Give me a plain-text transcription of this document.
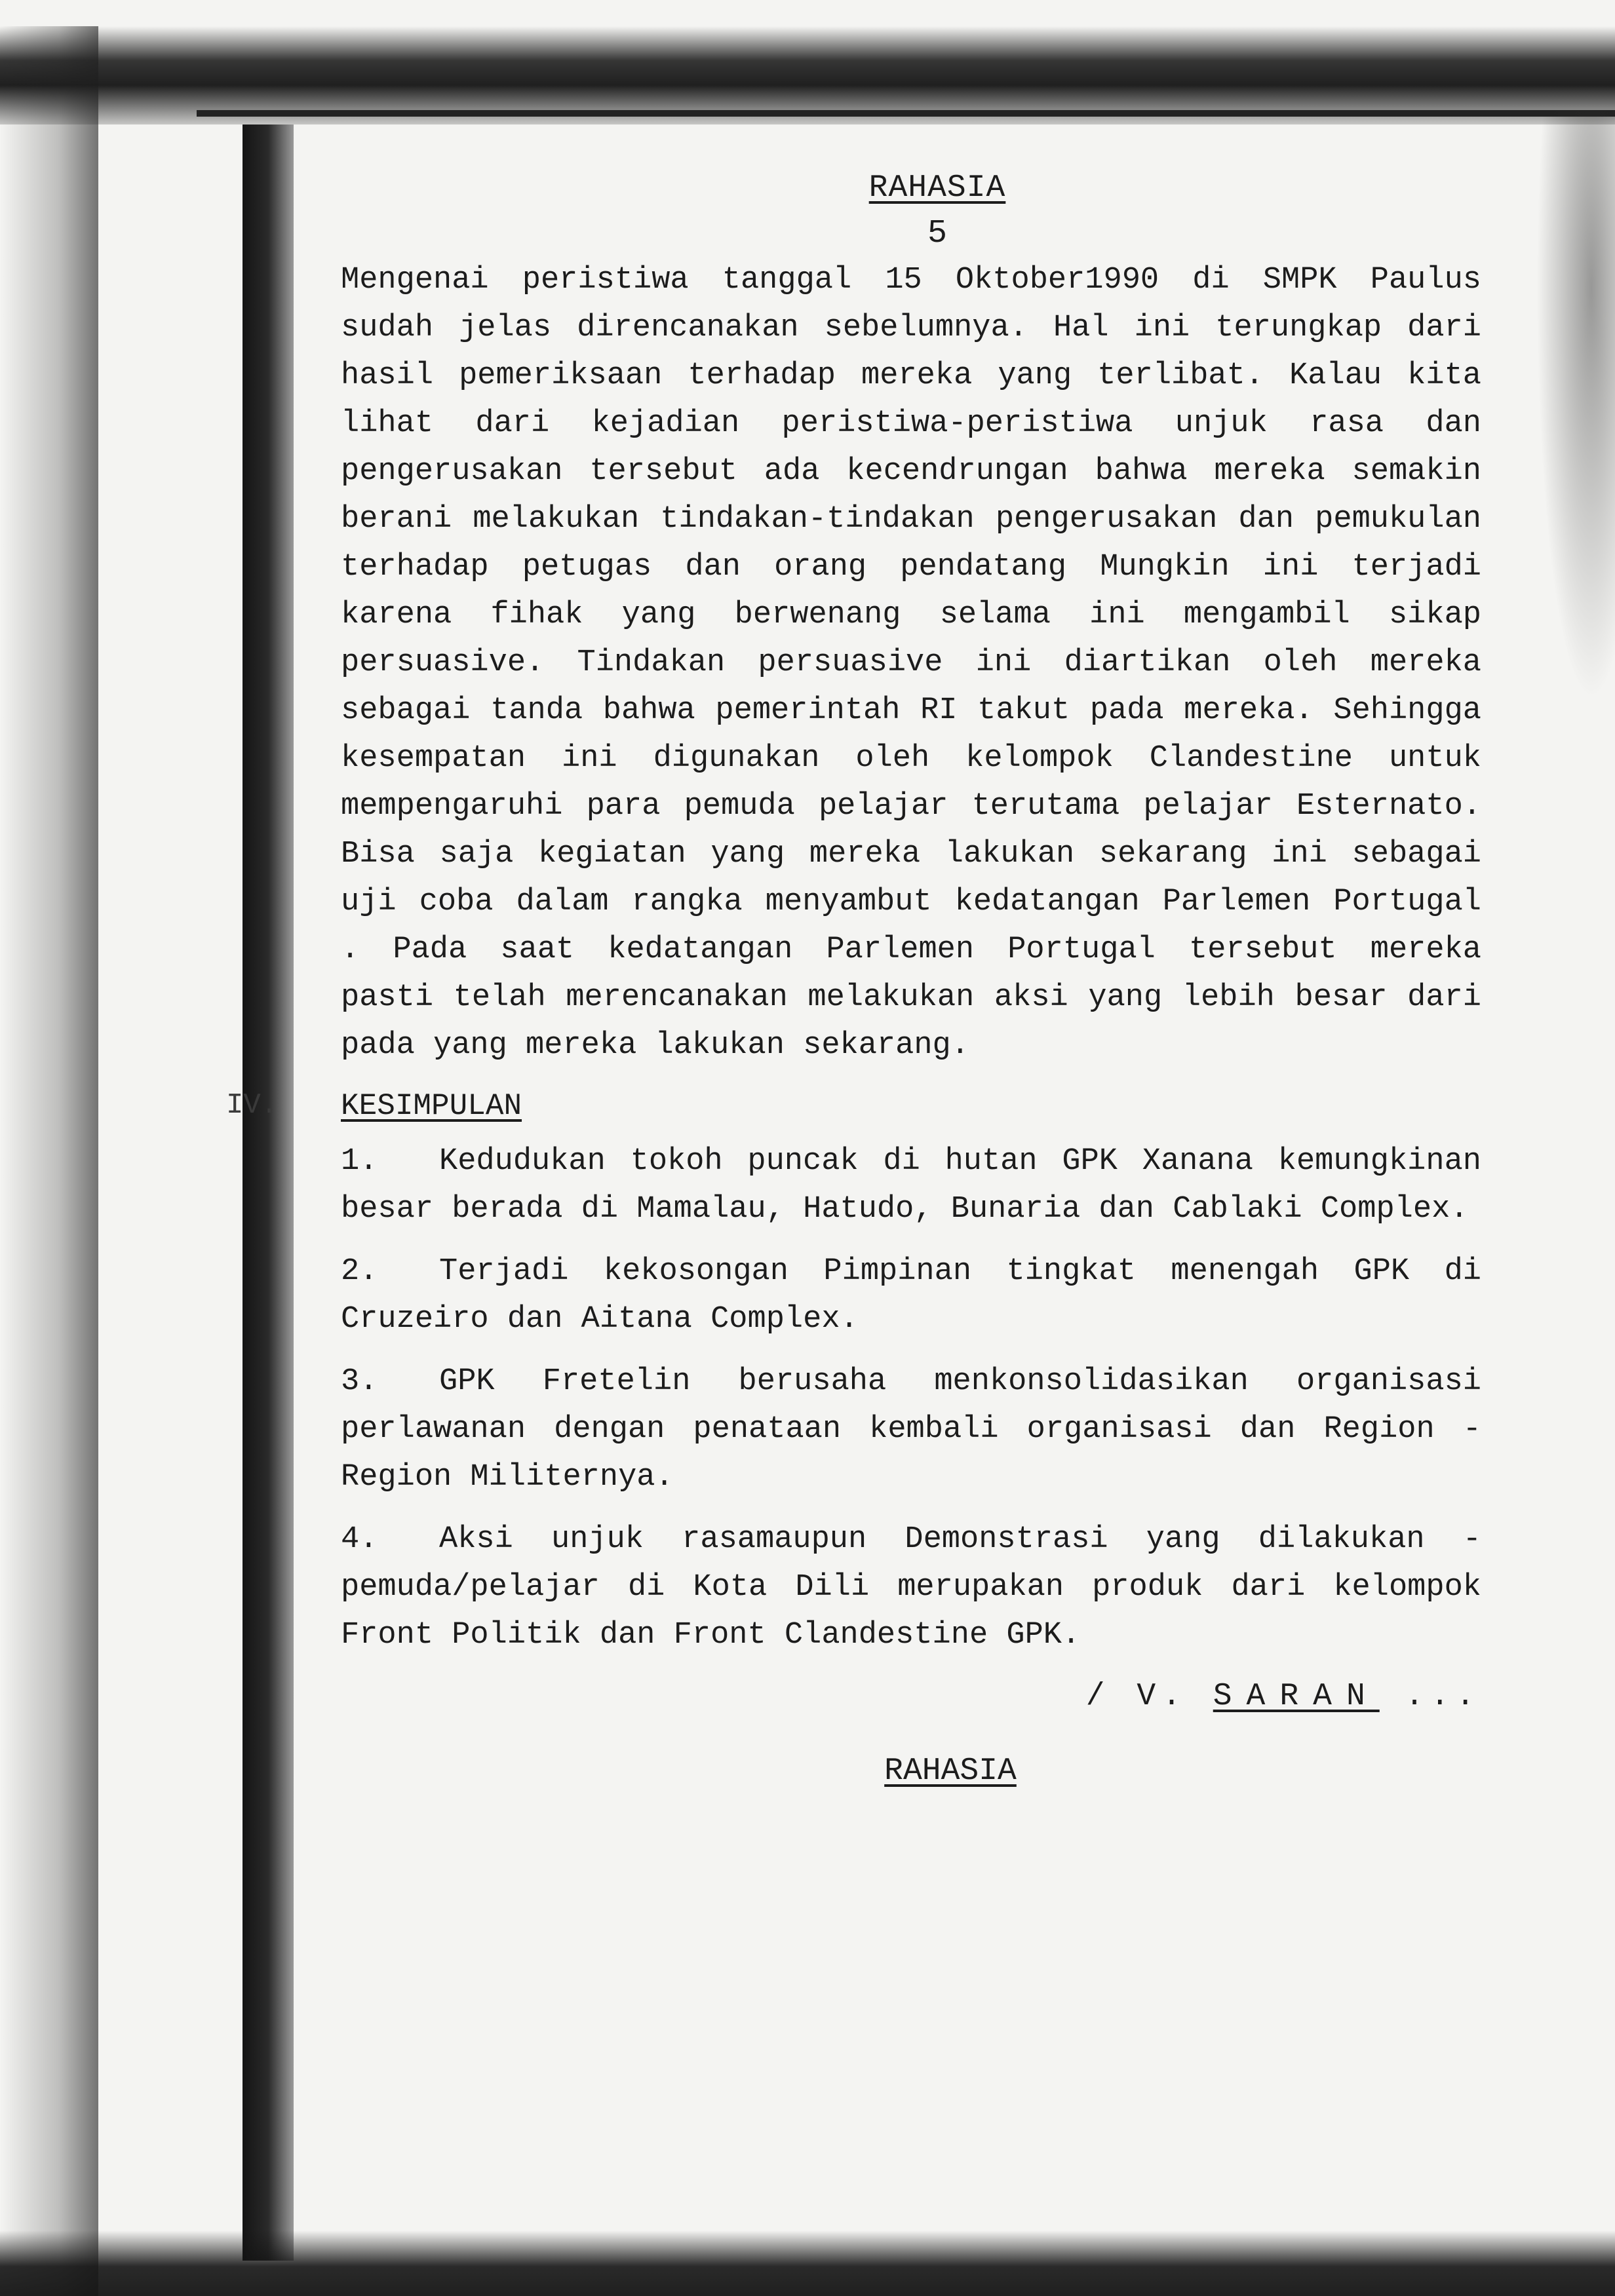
RAHASIA
5

Mengenai peristiwa tanggal 15 Oktober1990 di SMPK Paulus sudah jelas direncanakan sebelumnya. Hal ini terungkap dari hasil pemeriksaan terhadap mereka yang terlibat. Kalau kita lihat dari kejadian peristiwa-peristiwa unjuk rasa dan pengerusakan tersebut ada kecendrungan bahwa mereka semakin berani melakukan tindakan-tindakan pengerusakan dan pemukulan terhadap petugas dan orang pendatang Mungkin ini terjadi karena fihak yang berwenang selama ini mengambil sikap persuasive. Tindakan persuasive ini diartikan oleh mereka sebagai tanda bahwa pemerintah RI takut pada mereka. Sehingga kesempatan ini digunakan oleh kelompok Clandestine untuk mempengaruhi para pemuda pelajar terutama pelajar Esternato. Bisa saja kegiatan yang mereka lakukan sekarang ini sebagai uji coba dalam rangka menyambut kedatangan Parlemen Portugal . Pada saat kedatangan Parlemen Portugal tersebut mereka pasti telah merencanakan melakukan aksi yang lebih besar dari pada yang mereka lakukan sekarang.

IV. KESIMPULAN
1. Kedudukan tokoh puncak di hutan GPK Xanana kemungkinan besar berada di Mamalau, Hatudo, Bunaria dan Cablaki Complex.
2. Terjadi kekosongan Pimpinan tingkat menengah GPK di Cruzeiro dan Aitana Complex.
3. GPK Fretelin berusaha menkonsolidasikan organisasi perlawanan dengan penataan kembali organisasi dan Region - Region Militernya.
4. Aksi unjuk rasamaupun Demonstrasi yang dilakukan - pemuda/pelajar di Kota Dili merupakan produk dari kelompok Front Politik dan Front Clandestine GPK.
/ V. SARAN ...
RAHASIA
